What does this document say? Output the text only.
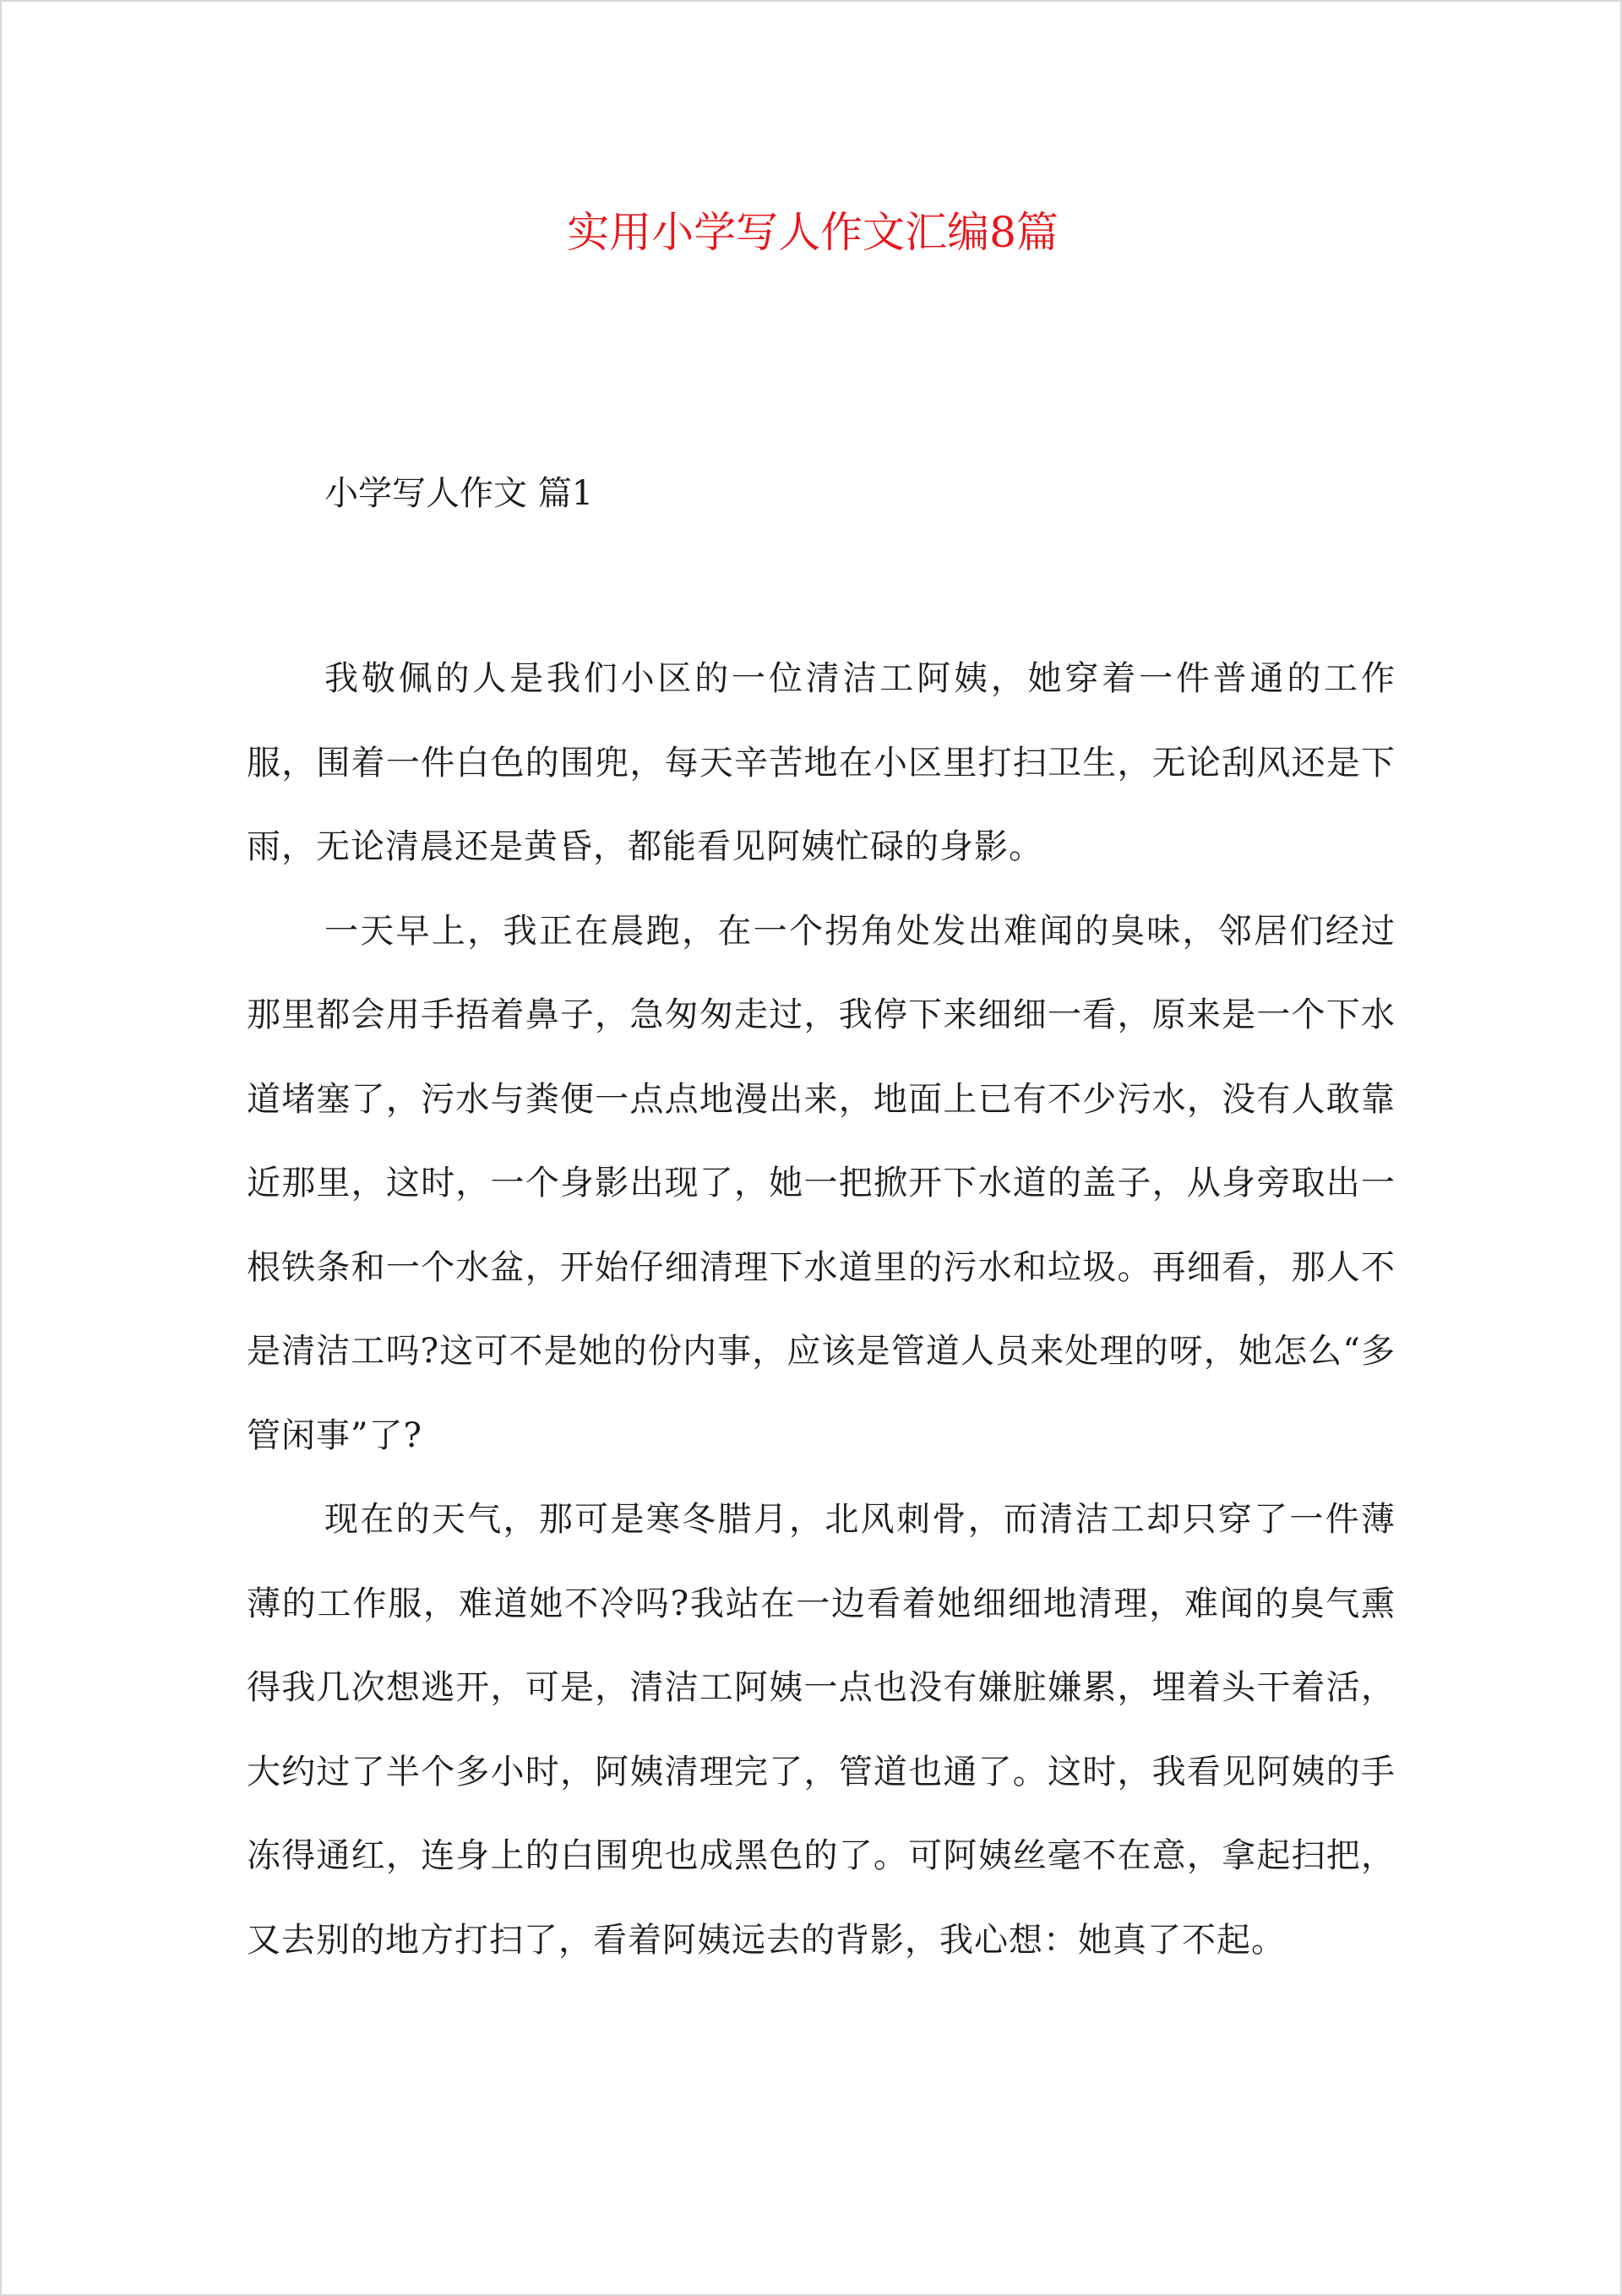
实用小学写人作文汇编8篇
小学写人作文 篇1

我敬佩的人是我们小区的一位清洁工阿姨，她穿着一件普通的工作服，围着一件白色的围兜，每天辛苦地在小区里打扫卫生，无论刮风还是下雨，无论清晨还是黄昏，都能看见阿姨忙碌的身影。

一天早上，我正在晨跑，在一个拐角处发出难闻的臭味，邻居们经过那里都会用手捂着鼻子，急匆匆走过，我停下来细细一看，原来是一个下水道堵塞了，污水与粪便一点点地漫出来，地面上已有不少污水，没有人敢靠近那里，这时，一个身影出现了，她一把掀开下水道的盖子，从身旁取出一根铁条和一个水盆，开始仔细清理下水道里的污水和垃圾。再细看，那人不是清洁工吗?这可不是她的份内事，应该是管道人员来处理的呀，她怎么“多管闲事”了?

现在的天气，那可是寒冬腊月，北风刺骨，而清洁工却只穿了一件薄薄的工作服，难道她不冷吗?我站在一边看着她细细地清理，难闻的臭气熏得我几次想逃开，可是，清洁工阿姨一点也没有嫌脏嫌累，埋着头干着活，大约过了半个多小时，阿姨清理完了，管道也通了。这时，我看见阿姨的手冻得通红，连身上的白围兜也成黑色的了。可阿姨丝毫不在意，拿起扫把，又去别的地方打扫了，看着阿姨远去的背影，我心想：她真了不起。
